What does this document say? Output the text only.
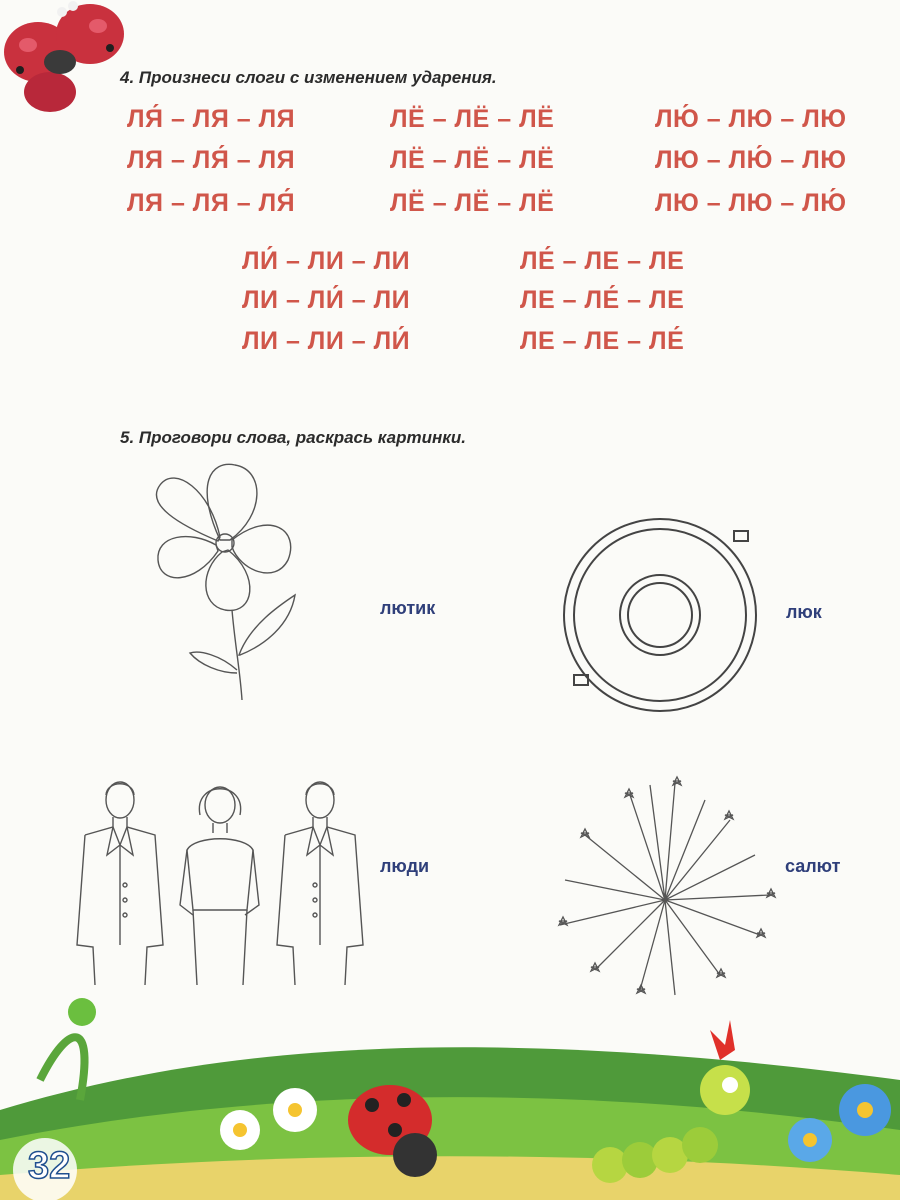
4. Произнеси слоги с изменением ударения.

ЛЯ́ – ЛЯ – ЛЯ	ЛЁ – ЛЁ – ЛЁ	ЛЮ́ – ЛЮ – ЛЮ

ЛЯ – ЛЯ́ – ЛЯ	ЛЁ – ЛЁ – ЛЁ	ЛЮ – ЛЮ́ – ЛЮ

ЛЯ – ЛЯ – ЛЯ́	ЛЁ – ЛЁ – ЛЁ	ЛЮ – ЛЮ – ЛЮ́

ЛИ́ – ЛИ – ЛИ	ЛЕ́ – ЛЕ – ЛЕ

ЛИ – ЛИ́ – ЛИ	ЛЕ – ЛЕ́ – ЛЕ

ЛИ – ЛИ – ЛИ́	ЛЕ – ЛЕ – ЛЕ́

5. Проговори слова, раскрась картинки.

лютик	люк

люди	салют

32
